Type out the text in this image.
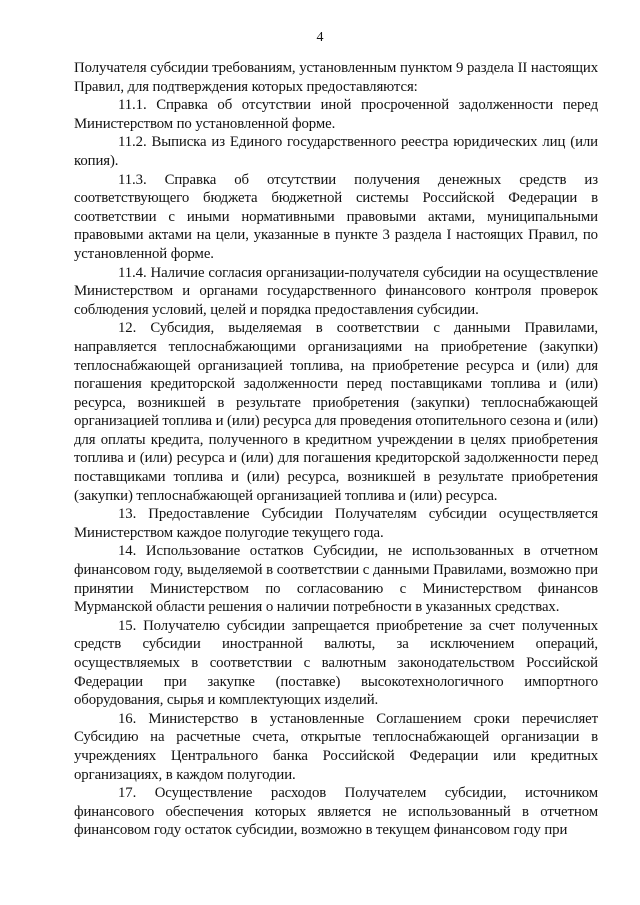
4

Получателя субсидии требованиям, установленным пунктом 9 раздела II настоящих Правил, для подтверждения которых предоставляются:

11.1. Справка об отсутствии иной просроченной задолженности перед Министерством по установленной форме.

11.2. Выписка из Единого государственного реестра юридических лиц (или копия).

11.3. Справка об отсутствии получения денежных средств из соответствующего бюджета бюджетной системы Российской Федерации в соответствии с иными нормативными правовыми актами, муниципальными правовыми актами на цели, указанные в пункте 3 раздела I настоящих Правил, по установленной форме.

11.4. Наличие согласия организации-получателя субсидии на осуществление Министерством и органами государственного финансового контроля проверок соблюдения условий, целей и порядка предоставления субсидии.

12. Субсидия, выделяемая в соответствии с данными Правилами, направляется теплоснабжающими организациями на приобретение (закупки) теплоснабжающей организацией топлива, на приобретение ресурса и (или) для погашения кредиторской задолженности перед поставщиками топлива и (или) ресурса, возникшей в результате приобретения (закупки) теплоснабжающей организацией топлива и (или) ресурса для проведения отопительного сезона и (или) для оплаты кредита, полученного в кредитном учреждении в целях приобретения топлива и (или) ресурса и (или) для погашения кредиторской задолженности перед поставщиками топлива и (или) ресурса, возникшей в результате приобретения (закупки) теплоснабжающей организацией топлива и (или) ресурса.

13. Предоставление Субсидии Получателям субсидии осуществляется Министерством каждое полугодие текущего года.

14. Использование остатков Субсидии, не использованных в отчетном финансовом году, выделяемой в соответствии с данными Правилами, возможно при принятии Министерством по согласованию с Министерством финансов Мурманской области решения о наличии потребности в указанных средствах.

15. Получателю субсидии запрещается приобретение за счет полученных средств субсидии иностранной валюты, за исключением операций, осуществляемых в соответствии с валютным законодательством Российской Федерации при закупке (поставке) высокотехнологичного импортного оборудования, сырья и комплектующих изделий.

16. Министерство в установленные Соглашением сроки перечисляет Субсидию на расчетные счета, открытые теплоснабжающей организации в учреждениях Центрального банка Российской Федерации или кредитных организациях, в каждом полугодии.

17. Осуществление расходов Получателем субсидии, источником финансового обеспечения которых является не использованный в отчетном финансовом году остаток субсидии, возможно в текущем финансовом году при
